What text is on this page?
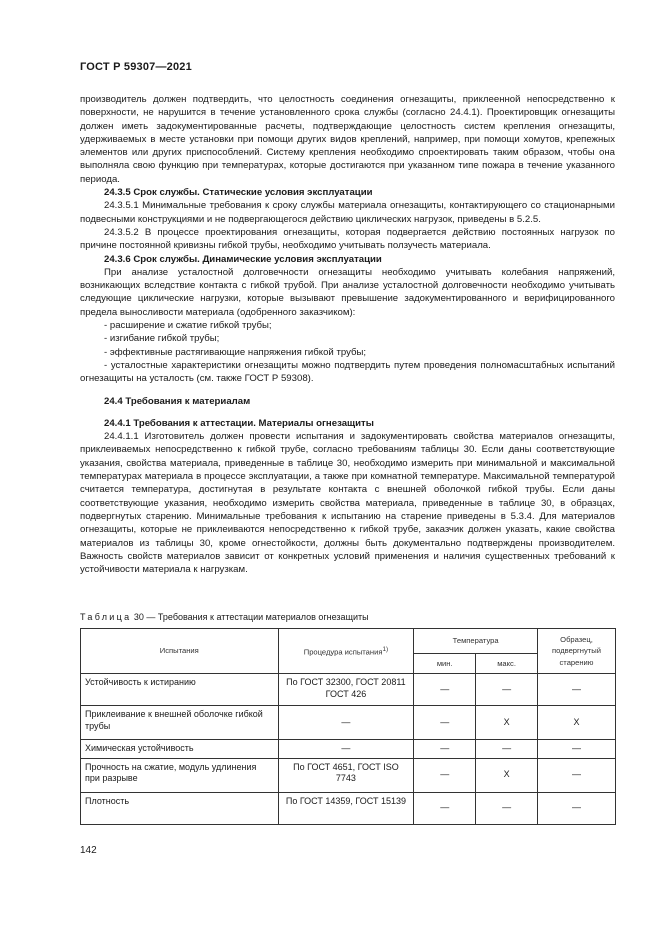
ГОСТ Р 59307—2021

производитель должен подтвердить, что целостность соединения огнезащиты, приклеенной непосредственно к поверхности, не нарушится в течение установленного срока службы (согласно 24.4.1). Проектировщик огнезащиты должен иметь задокументированные расчеты, подтверждающие целостность систем крепления огнезащиты, удерживаемых в месте установки при помощи других видов креплений, например, при помощи хомутов, крепежных элементов или других приспособлений. Систему крепления необходимо спроектировать таким образом, чтобы она выполняла свою функцию при температурах, которые достигаются при указанном типе пожара в течение указанного периода.

24.3.5 Срок службы. Статические условия эксплуатации

24.3.5.1 Минимальные требования к сроку службы материала огнезащиты, контактирующего со стационарными подвесными конструкциями и не подвергающегося действию циклических нагрузок, приведены в 5.2.5.

24.3.5.2 В процессе проектирования огнезащиты, которая подвергается действию постоянных нагрузок по причине постоянной кривизны гибкой трубы, необходимо учитывать ползучесть материала.

24.3.6 Срок службы. Динамические условия эксплуатации

При анализе усталостной долговечности огнезащиты необходимо учитывать колебания напряжений, возникающих вследствие контакта с гибкой трубой. При анализе усталостной долговечности необходимо учитывать следующие циклические нагрузки, которые вызывают превышение задокументированного и верифицированного предела выносливости материала (одобренного заказчиком):

- расширение и сжатие гибкой трубы;

- изгибание гибкой трубы;

- эффективные растягивающие напряжения гибкой трубы;

- усталостные характеристики огнезащиты можно подтвердить путем проведения полномасштабных испытаний огнезащиты на усталость (см. также ГОСТ Р 59308).

24.4 Требования к материалам

24.4.1 Требования к аттестации. Материалы огнезащиты

24.4.1.1 Изготовитель должен провести испытания и задокументировать свойства материалов огнезащиты, приклеиваемых непосредственно к гибкой трубе, согласно требованиям таблицы 30. Если даны соответствующие указания, свойства материала, приведенные в таблице 30, необходимо измерить при минимальной и максимальной температурах материала в процессе эксплуатации, а также при комнатной температуре. Максимальной температурой считается температура, достигнутая в результате контакта с внешней оболочкой гибкой трубы. Если даны соответствующие указания, необходимо измерить свойства материала, приведенные в таблице 30, в образцах, подвергнутых старению. Минимальные требования к испытанию на старение приведены в 5.3.4. Для материалов огнезащиты, которые не приклеиваются непосредственно к гибкой трубе, заказчик должен указать, какие свойства материалов из таблицы 30, кроме огнестойкости, должны быть документально подтверждены производителем. Важность свойств материалов зависит от конкретных условий применения и наличия существенных требований к устойчивости материала к нагрузкам.

Таблица 30 — Требования к аттестации материалов огнезащиты
Испытания	Процедура испытания$^{1)}$	Температура		Образец, подвергнутый старению
		мин.	макс.	
Устойчивость к истиранию	По ГОСТ 32300, ГОСТ 20811 ГОСТ 426	—	—	—
Приклеивание к внешней оболочке гибкой трубы	—	—	X	X
Химическая устойчивость	—	—	—	—
Прочность на сжатие, модуль удлинения при разрыве	По ГОСТ 4651, ГОСТ ISO 7743	—	X	—
Плотность	По ГОСТ 14359, ГОСТ 15139	—	—	—
142
